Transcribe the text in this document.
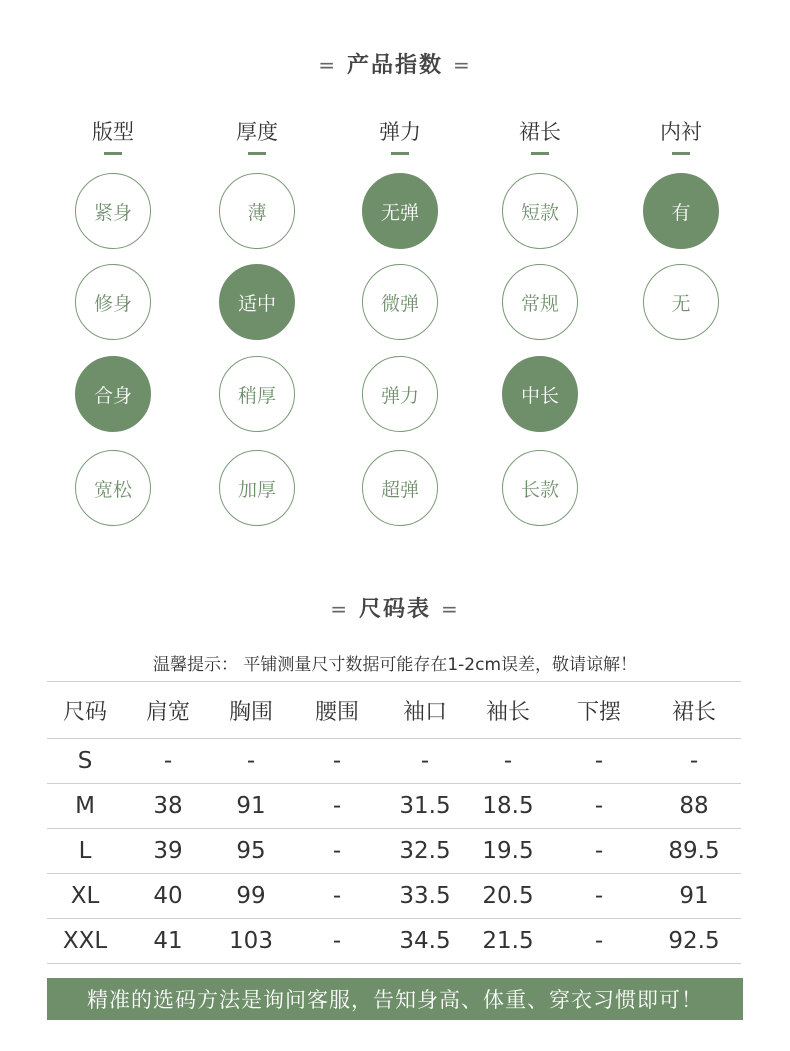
= 产品指数 =
版型
紧身
修身
合身
宽松
厚度
薄
适中
稍厚
加厚
弹力
无弹
微弹
弹力
超弹
裙长
短款
常规
中长
长款
内衬
有
无
= 尺码表 =
温馨提示： 平铺测量尺寸数据可能存在1-2cm误差，敬请谅解！
尺码	肩宽	胸围	腰围	袖口	袖长	下摆	裙长
S	-	-	-	-	-	-	-
M	38	91	-	31.5	18.5	-	88
L	39	95	-	32.5	19.5	-	89.5
XL	40	99	-	33.5	20.5	-	91
XXL	41	103	-	34.5	21.5	-	92.5
精准的选码方法是询问客服，告知身高、体重、穿衣习惯即可！
